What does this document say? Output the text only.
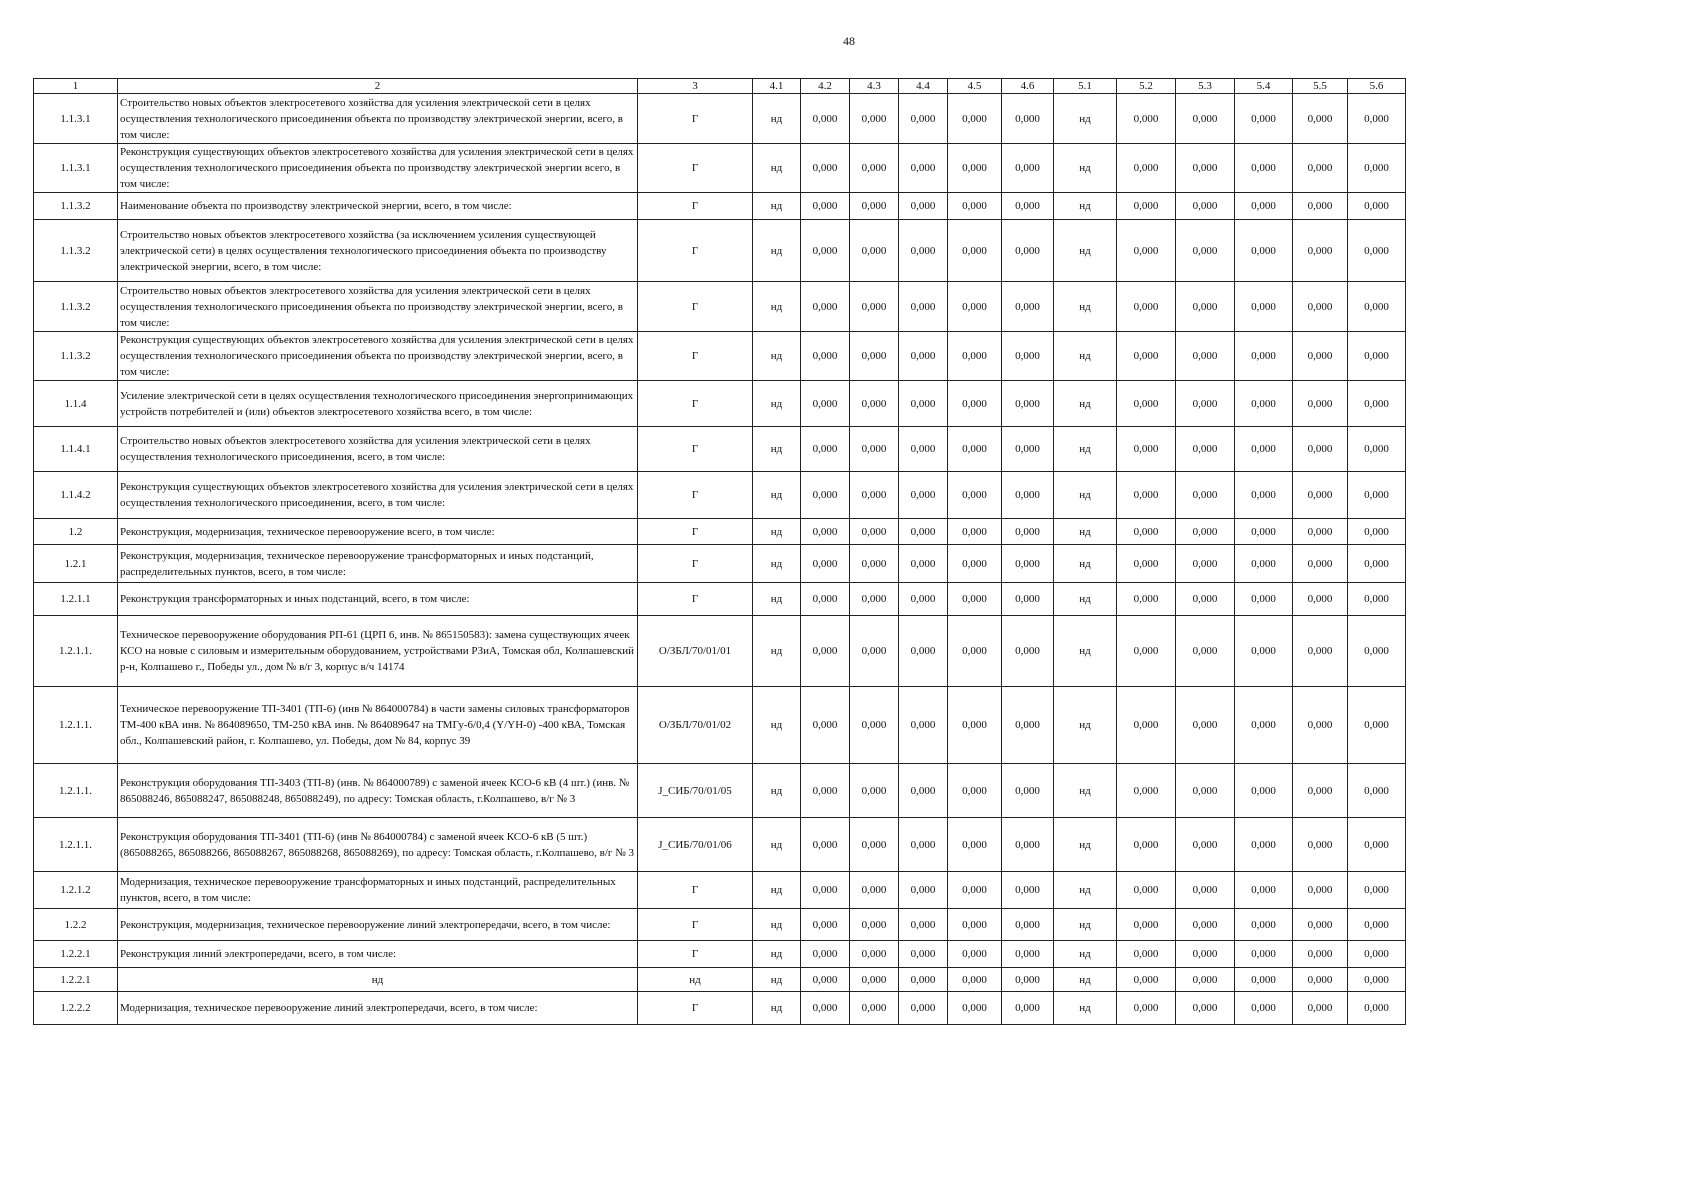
48
1	2	3	4.1	4.2	4.3	4.4	4.5	4.6	5.1	5.2	5.3	5.4	5.5	5.6
1.1.3.1	Строительство новых объектов электросетевого хозяйства для усиления электрической сети в целях осуществления технологического присоединения объекта по производству электрической энергии, всего, в том числе:	Г	нд	0,000	0,000	0,000	0,000	0,000	нд	0,000	0,000	0,000	0,000	0,000
1.1.3.1	Реконструкция существующих объектов электросетевого хозяйства для усиления электрической сети в целях осуществления технологического присоединения объекта по производству электрической энергии всего, в том числе:	Г	нд	0,000	0,000	0,000	0,000	0,000	нд	0,000	0,000	0,000	0,000	0,000
1.1.3.2	Наименование объекта по производству электрической энергии, всего, в том числе:	Г	нд	0,000	0,000	0,000	0,000	0,000	нд	0,000	0,000	0,000	0,000	0,000
1.1.3.2	Строительство новых объектов электросетевого хозяйства (за исключением усиления существующей электрической сети) в целях осуществления технологического присоединения объекта по производству электрической энергии, всего, в том числе:	Г	нд	0,000	0,000	0,000	0,000	0,000	нд	0,000	0,000	0,000	0,000	0,000
1.1.3.2	Строительство новых объектов электросетевого хозяйства для усиления электрической сети в целях осуществления технологического присоединения объекта по производству электрической энергии, всего, в том числе:	Г	нд	0,000	0,000	0,000	0,000	0,000	нд	0,000	0,000	0,000	0,000	0,000
1.1.3.2	Реконструкция существующих объектов электросетевого хозяйства для усиления электрической сети в целях осуществления технологического присоединения объекта по производству электрической энергии, всего, в том числе:	Г	нд	0,000	0,000	0,000	0,000	0,000	нд	0,000	0,000	0,000	0,000	0,000
1.1.4	Усиление электрической сети в целях осуществления технологического присоединения энергопринимающих устройств потребителей и (или) объектов электросетевого хозяйства всего, в том числе:	Г	нд	0,000	0,000	0,000	0,000	0,000	нд	0,000	0,000	0,000	0,000	0,000
1.1.4.1	Строительство новых объектов электросетевого хозяйства для усиления электрической сети в целях осуществления технологического присоединения, всего, в том числе:	Г	нд	0,000	0,000	0,000	0,000	0,000	нд	0,000	0,000	0,000	0,000	0,000
1.1.4.2	Реконструкция существующих объектов электросетевого хозяйства для усиления электрической сети в целях осуществления технологического присоединения, всего, в том числе:	Г	нд	0,000	0,000	0,000	0,000	0,000	нд	0,000	0,000	0,000	0,000	0,000
1.2	Реконструкция, модернизация, техническое перевооружение всего, в том числе:	Г	нд	0,000	0,000	0,000	0,000	0,000	нд	0,000	0,000	0,000	0,000	0,000
1.2.1	Реконструкция, модернизация, техническое перевооружение трансформаторных и иных подстанций, распределительных пунктов, всего, в том числе:	Г	нд	0,000	0,000	0,000	0,000	0,000	нд	0,000	0,000	0,000	0,000	0,000
1.2.1.1	Реконструкция трансформаторных и иных подстанций, всего, в том числе:	Г	нд	0,000	0,000	0,000	0,000	0,000	нд	0,000	0,000	0,000	0,000	0,000
1.2.1.1.	Техническое перевооружение оборудования РП-61 (ЦРП 6, инв. № 865150583): замена существующих ячеек КСО на новые с силовым и измерительным оборудованием, устройствами РЗиА, Томская обл, Колпашевский р-н, Колпашево г., Победы ул., дом № в/г 3, корпус в/ч 14174	O/ЗБЛ/70/01/01	нд	0,000	0,000	0,000	0,000	0,000	нд	0,000	0,000	0,000	0,000	0,000
1.2.1.1.	Техническое перевооружение ТП-3401 (ТП-6) (инв № 864000784) в части замены силовых трансформаторов ТМ-400 кВА инв. № 864089650, ТМ-250 кВА инв. № 864089647 на ТМГу-6/0,4 (Y/YН-0) -400 кВА, Томская обл., Колпашевский район, г. Колпашево, ул. Победы, дом № 84, корпус 39	O/ЗБЛ/70/01/02	нд	0,000	0,000	0,000	0,000	0,000	нд	0,000	0,000	0,000	0,000	0,000
1.2.1.1.	Реконструкция оборудования ТП-3403 (ТП-8) (инв. № 864000789) с заменой ячеек КСО-6 кВ (4 шт.) (инв. № 865088246, 865088247, 865088248, 865088249), по адресу: Томская область, г.Колпашево, в/г № 3	J_СИБ/70/01/05	нд	0,000	0,000	0,000	0,000	0,000	нд	0,000	0,000	0,000	0,000	0,000
1.2.1.1.	Реконструкция оборудования ТП-3401 (ТП-6) (инв № 864000784) с заменой ячеек КСО-6 кВ (5 шт.) (865088265, 865088266, 865088267, 865088268, 865088269), по адресу: Томская область, г.Колпашево, в/г № 3	J_СИБ/70/01/06	нд	0,000	0,000	0,000	0,000	0,000	нд	0,000	0,000	0,000	0,000	0,000
1.2.1.2	Модернизация, техническое перевооружение трансформаторных и иных подстанций, распределительных пунктов, всего, в том числе:	Г	нд	0,000	0,000	0,000	0,000	0,000	нд	0,000	0,000	0,000	0,000	0,000
1.2.2	Реконструкция, модернизация, техническое перевооружение линий электропередачи, всего, в том числе:	Г	нд	0,000	0,000	0,000	0,000	0,000	нд	0,000	0,000	0,000	0,000	0,000
1.2.2.1	Реконструкция линий электропередачи, всего, в том числе:	Г	нд	0,000	0,000	0,000	0,000	0,000	нд	0,000	0,000	0,000	0,000	0,000
1.2.2.1	нд	нд	нд	0,000	0,000	0,000	0,000	0,000	нд	0,000	0,000	0,000	0,000	0,000
1.2.2.2	Модернизация, техническое перевооружение линий электропередачи, всего, в том числе:	Г	нд	0,000	0,000	0,000	0,000	0,000	нд	0,000	0,000	0,000	0,000	0,000
